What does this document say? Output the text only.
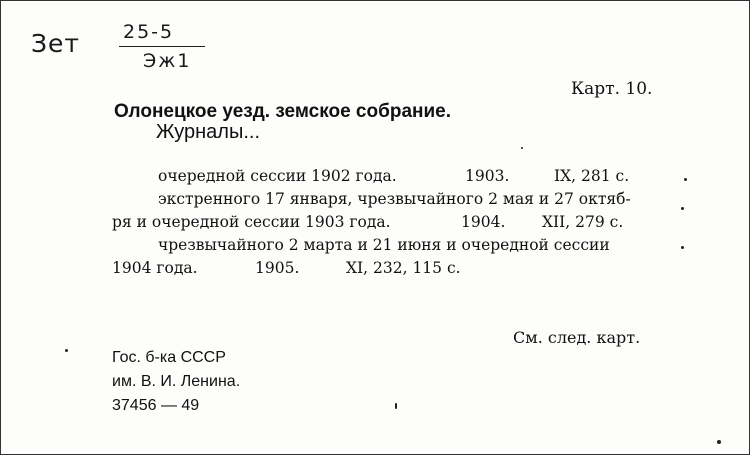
Зет 25-5
Эж1
Карт. 10.
Олонецкое уезд. земское собрание.
Журналы...
очередной сессии 1902 года.	1903.	IX, 281 с.
экстренного 17 января, чрезвычайного 2 мая и 27 октяб-
ря и очередной сессии 1903 года.	1904. XII, 279 с.
чрезвычайного 2 марта и 21 июня и очередной сессии
1904 года.	1905.	XI, 232, 115 с.
См. след. карт.
Гос. б-ка СССР
им. В. И. Ленина.
37456 — 49
